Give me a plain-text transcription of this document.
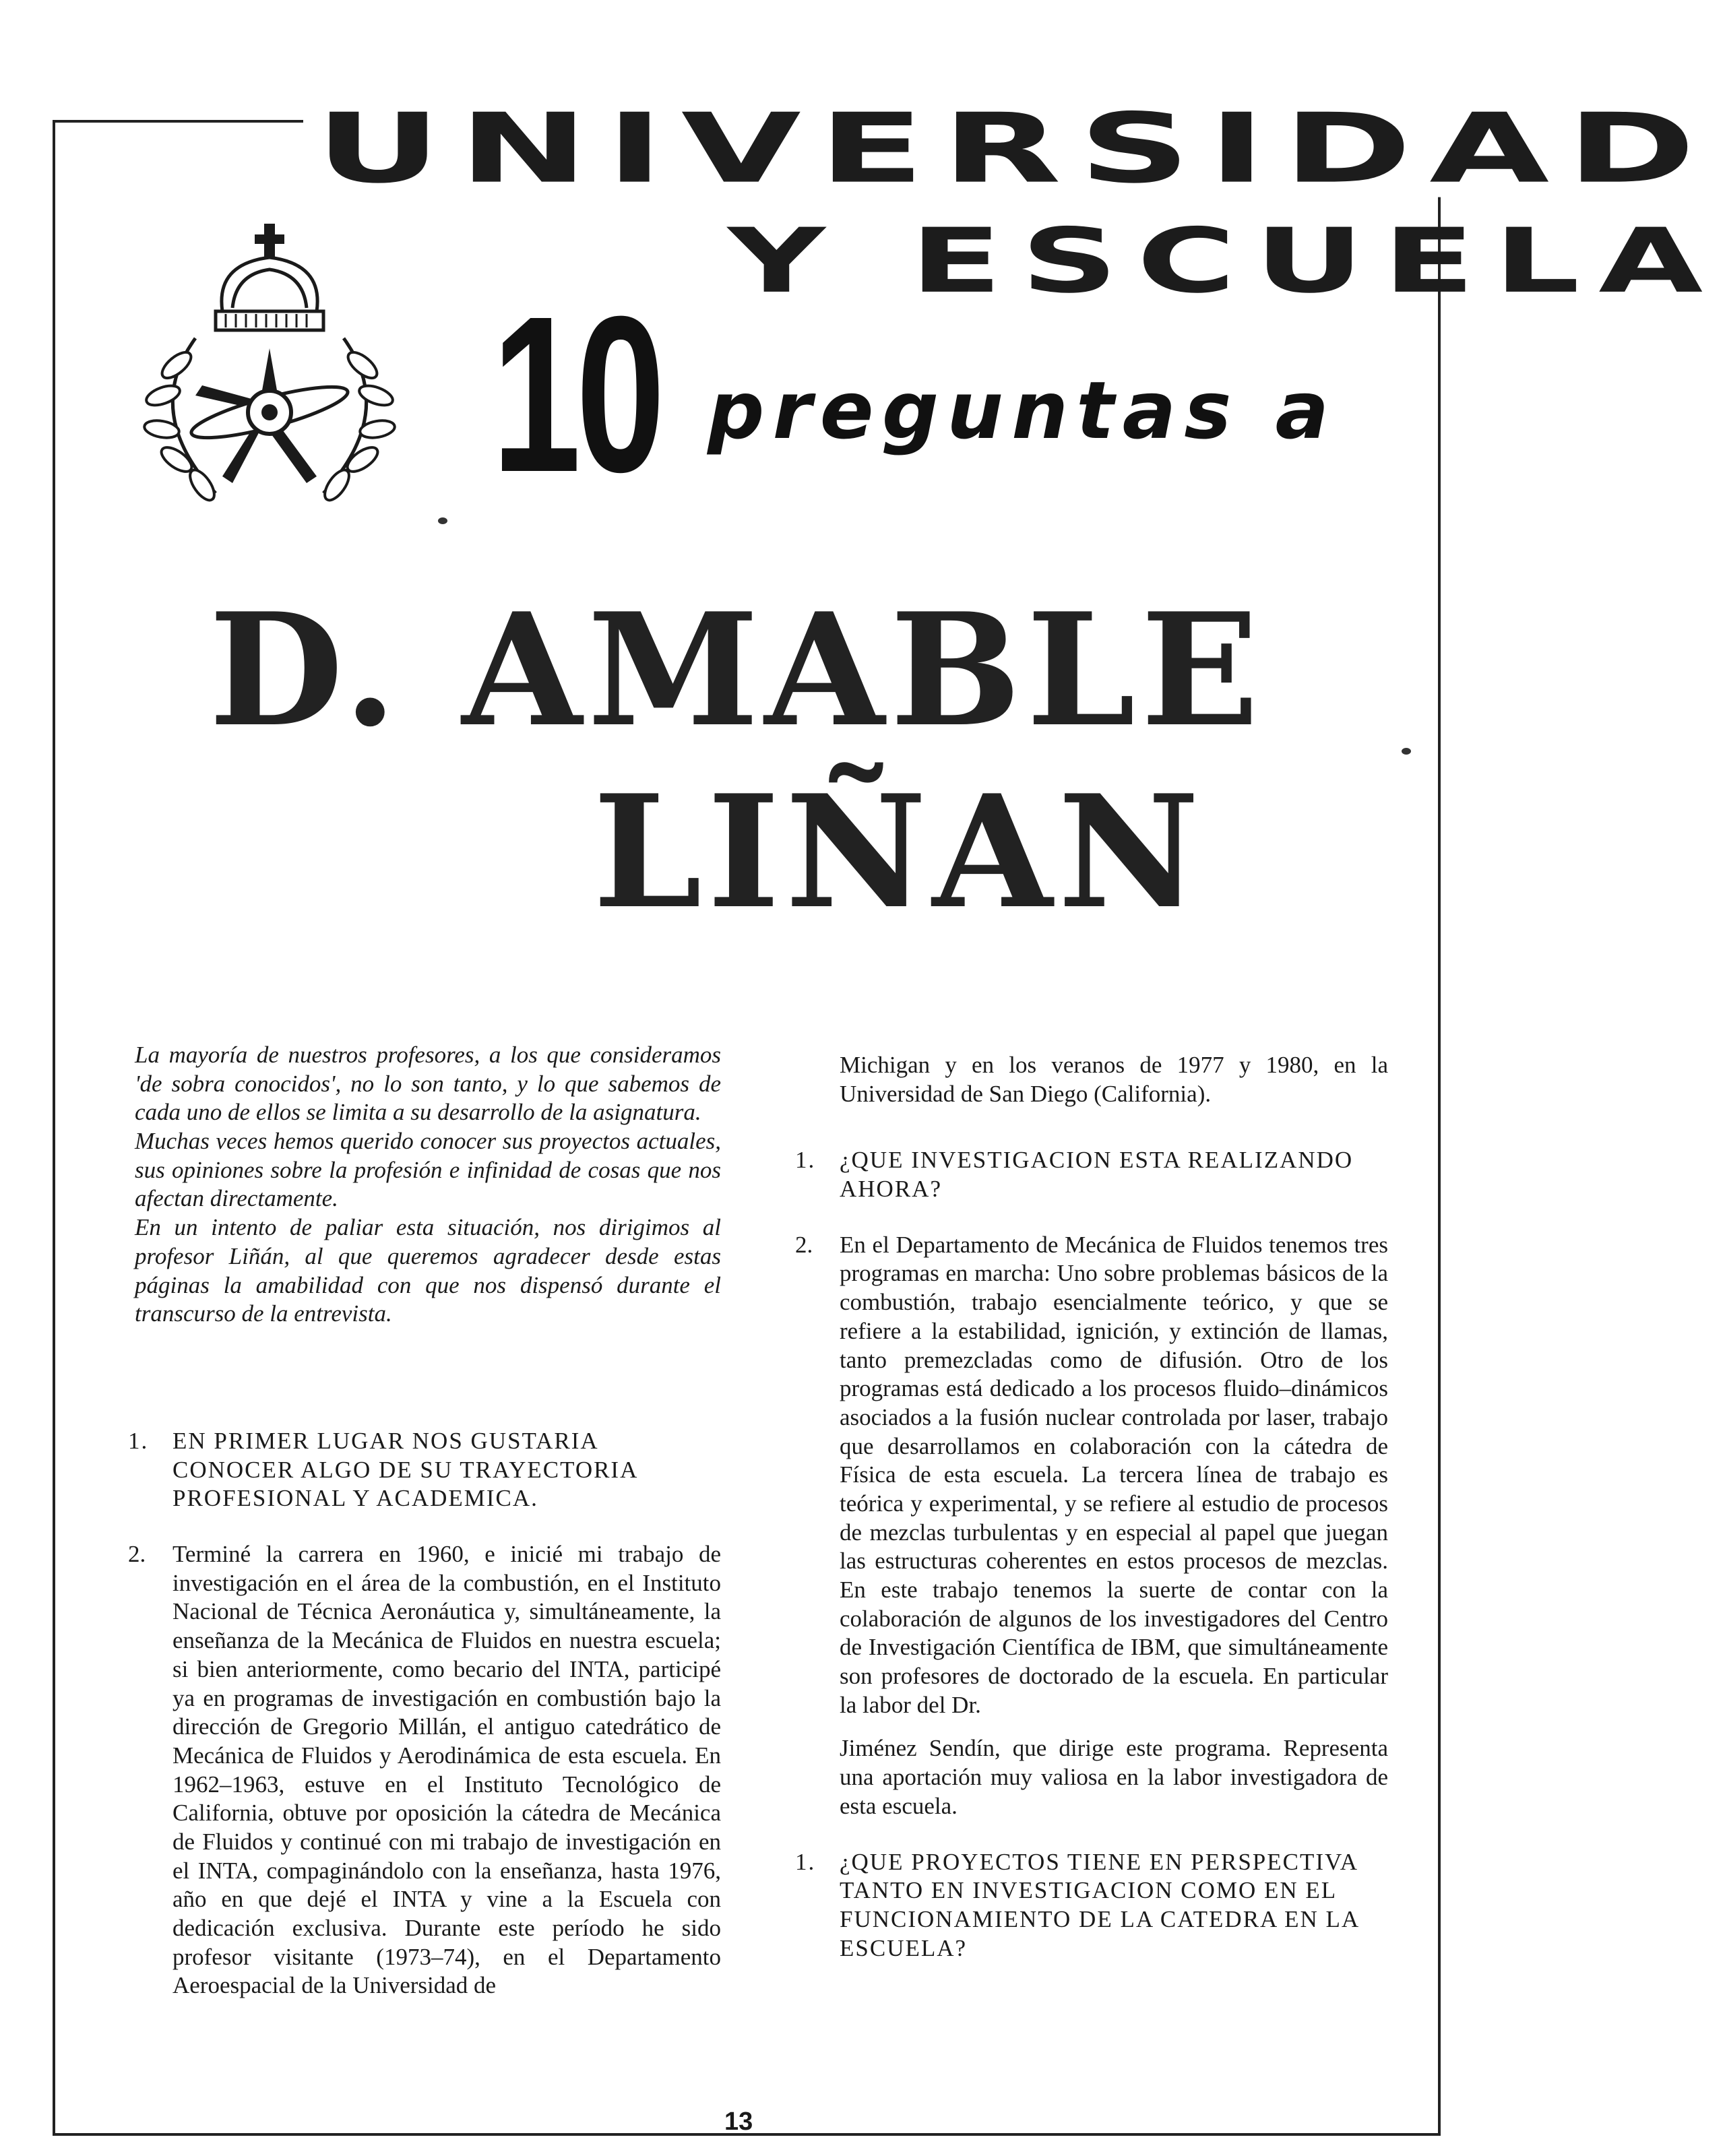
UNIVERSIDAD
Y ESCUELA
10 preguntas a
D. AMABLE
LIÑAN

La mayoría de nuestros profesores, a los que consideramos 'de sobra conocidos', no lo son tanto, y lo que sabemos de cada uno de ellos se limita a su desarrollo de la asignatura.

Muchas veces hemos querido conocer sus proyectos actuales, sus opiniones sobre la profesión e infinidad de cosas que nos afectan directamente.

En un intento de paliar esta situación, nos dirigimos al profesor Liñán, al que queremos agradecer desde estas páginas la amabilidad con que nos dispensó durante el transcurso de la entrevista.

1.	EN PRIMER LUGAR NOS GUSTARIA CONOCER ALGO DE SU TRAYECTORIA PROFESIONAL Y ACADEMICA.
2.	Terminé la carrera en 1960, e inicié mi trabajo de investigación en el área de la combustión, en el Instituto Nacional de Técnica Aeronáutica y, simultáneamente, la enseñanza de la Mecánica de Fluidos en nuestra escuela; si bien anteriormente, como becario del INTA, participé ya en programas de investigación en combustión bajo la dirección de Gregorio Millán, el antiguo catedrático de Mecánica de Fluidos y Aerodinámica de esta escuela. En 1962–1963, estuve en el Instituto Tecnológico de California, obtuve por oposición la cátedra de Mecánica de Fluidos y continué con mi trabajo de investigación en el INTA, compaginándolo con la enseñanza, hasta 1976, año en que dejé el INTA y vine a la Escuela con dedicación exclusiva. Durante este período he sido profesor visitante (1973–74), en el Departamento Aeroespacial de la Universidad de
Michigan y en los veranos de 1977 y 1980, en la Universidad de San Diego (California).
1.	¿QUE INVESTIGACION ESTA REALIZANDO AHORA?
2.	En el Departamento de Mecánica de Fluidos tenemos tres programas en marcha: Uno sobre problemas básicos de la combustión, trabajo esencialmente teórico, y que se refiere a la estabilidad, ignición, y extinción de llamas, tanto premezcladas como de difusión. Otro de los programas está dedicado a los procesos fluido–dinámicos asociados a la fusión nuclear controlada por laser, trabajo que desarrollamos en colaboración con la cátedra de Física de esta escuela. La tercera línea de trabajo es teórica y experimental, y se refiere al estudio de procesos de mezclas turbulentas y en especial al papel que juegan las estructuras coherentes en estos procesos de mezclas. En este trabajo tenemos la suerte de contar con la colaboración de algunos de los investigadores del Centro de Investigación Científica de IBM, que simultáneamente son profesores de doctorado de la escuela. En particular la labor del Dr.
Jiménez Sendín, que dirige este programa. Representa una aportación muy valiosa en la labor investigadora de esta escuela.
1.	¿QUE PROYECTOS TIENE EN PERSPECTIVA TANTO EN INVESTIGACION COMO EN EL FUNCIONAMIENTO DE LA CATEDRA EN LA ESCUELA?
13
